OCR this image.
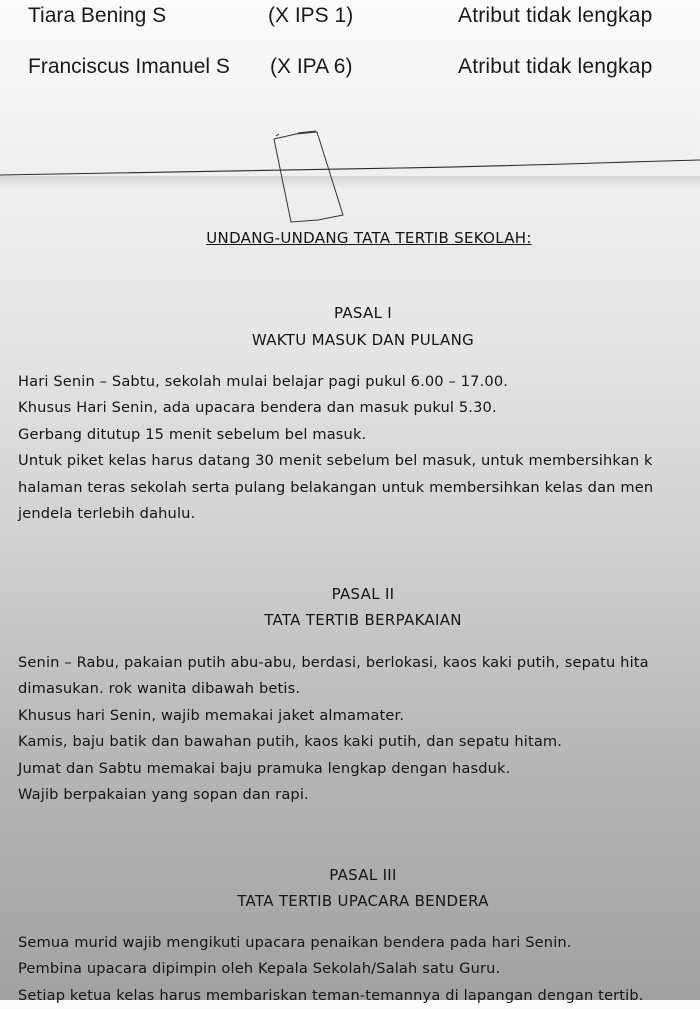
Tiara Bening S	(X IPS 1)	Atribut tidak lengkap
Franciscus Imanuel S (X IPA 6)	Atribut tidak lengkap
UNDANG-UNDANG TATA TERTIB SEKOLAH:
PASAL I
WAKTU MASUK DAN PULANG
Hari Senin – Sabtu, sekolah mulai belajar pagi pukul 6.00 – 17.00.
Khusus Hari Senin, ada upacara bendera dan masuk pukul 5.30.
Gerbang ditutup 15 menit sebelum bel masuk.
Untuk piket kelas harus datang 30 menit sebelum bel masuk, untuk membersihkan k
halaman teras sekolah serta pulang belakangan untuk membersihkan kelas dan men
jendela terlebih dahulu.
PASAL II
TATA TERTIB BERPAKAIAN
Senin – Rabu, pakaian putih abu-abu, berdasi, berlokasi, kaos kaki putih, sepatu hita
dimasukan. rok wanita dibawah betis.
Khusus hari Senin, wajib memakai jaket almamater.
Kamis, baju batik dan bawahan putih, kaos kaki putih, dan sepatu hitam.
Jumat dan Sabtu memakai baju pramuka lengkap dengan hasduk.
Wajib berpakaian yang sopan dan rapi.
PASAL III
TATA TERTIB UPACARA BENDERA
Semua murid wajib mengikuti upacara penaikan bendera pada hari Senin.
Pembina upacara dipimpin oleh Kepala Sekolah/Salah satu Guru.
Setiap ketua kelas harus membariskan teman-temannya di lapangan dengan tertib.
